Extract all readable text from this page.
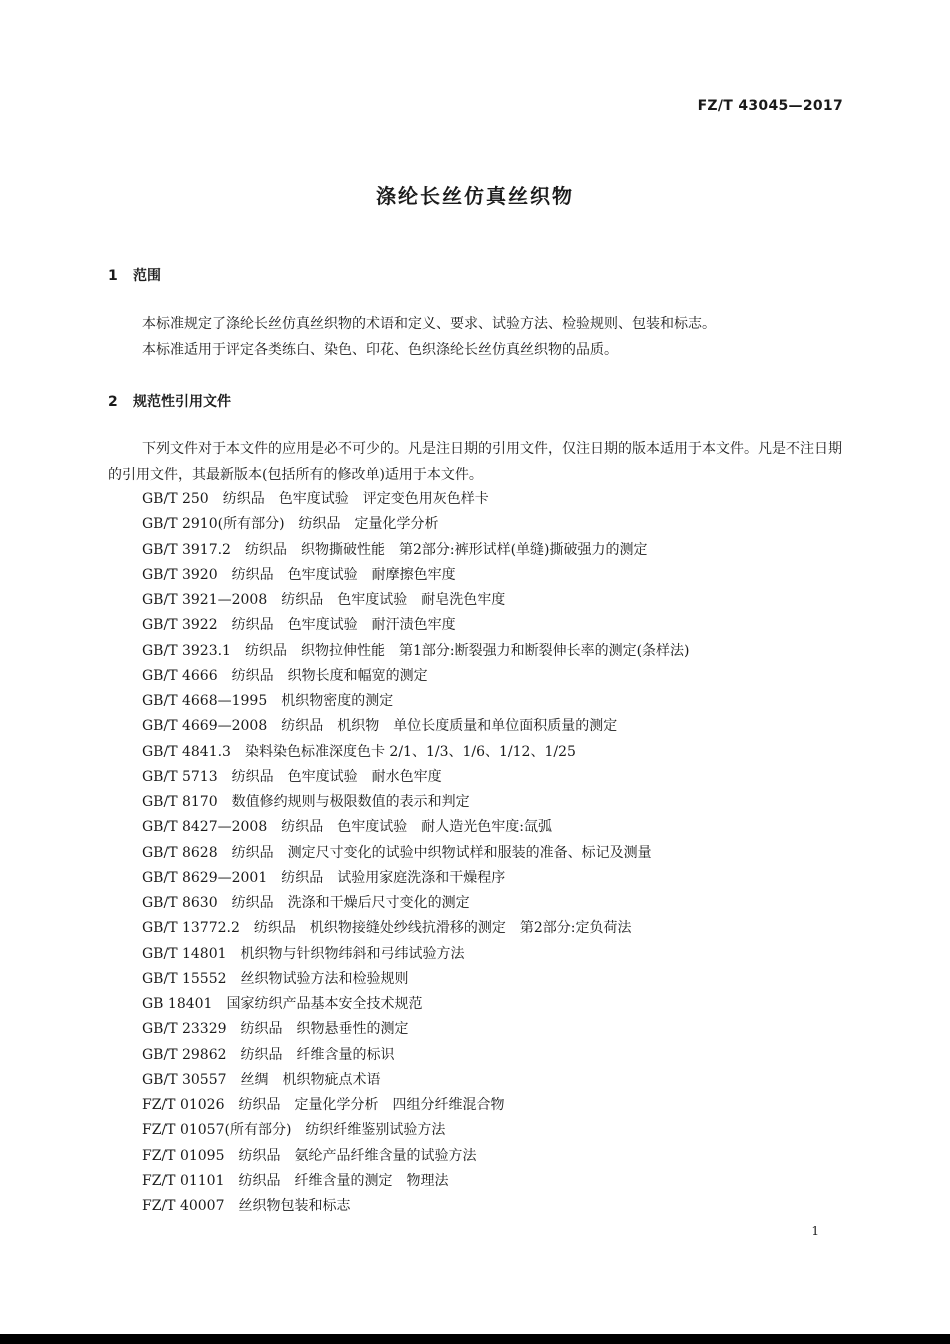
FZ/T 43045—2017
涤纶长丝仿真丝织物
1 范围

本标准规定了涤纶长丝仿真丝织物的术语和定义、要求、试验方法、检验规则、包装和标志。

本标准适用于评定各类练白、染色、印花、色织涤纶长丝仿真丝织物的品质。

2 规范性引用文件

下列文件对于本文件的应用是必不可少的。凡是注日期的引用文件，仅注日期的版本适用于本文件。凡是不注日期的引用文件，其最新版本(包括所有的修改单)适用于本文件。

GB/T 250　纺织品　色牢度试验　评定变色用灰色样卡
GB/T 2910(所有部分)　纺织品　定量化学分析
GB/T 3917.2　纺织品　织物撕破性能　第2部分:裤形试样(单缝)撕破强力的测定
GB/T 3920　纺织品　色牢度试验　耐摩擦色牢度
GB/T 3921—2008　纺织品　色牢度试验　耐皂洗色牢度
GB/T 3922　纺织品　色牢度试验　耐汗渍色牢度
GB/T 3923.1　纺织品　织物拉伸性能　第1部分:断裂强力和断裂伸长率的测定(条样法)
GB/T 4666　纺织品　织物长度和幅宽的测定
GB/T 4668—1995　机织物密度的测定
GB/T 4669—2008　纺织品　机织物　单位长度质量和单位面积质量的测定
GB/T 4841.3　染料染色标准深度色卡 2/1、1/3、1/6、1/12、1/25
GB/T 5713　纺织品　色牢度试验　耐水色牢度
GB/T 8170　数值修约规则与极限数值的表示和判定
GB/T 8427—2008　纺织品　色牢度试验　耐人造光色牢度:氙弧
GB/T 8628　纺织品　测定尺寸变化的试验中织物试样和服装的准备、标记及测量
GB/T 8629—2001　纺织品　试验用家庭洗涤和干燥程序
GB/T 8630　纺织品　洗涤和干燥后尺寸变化的测定
GB/T 13772.2　纺织品　机织物接缝处纱线抗滑移的测定　第2部分:定负荷法
GB/T 14801　机织物与针织物纬斜和弓纬试验方法
GB/T 15552　丝织物试验方法和检验规则
GB 18401　国家纺织产品基本安全技术规范
GB/T 23329　纺织品　织物悬垂性的测定
GB/T 29862　纺织品　纤维含量的标识
GB/T 30557　丝绸　机织物疵点术语
FZ/T 01026　纺织品　定量化学分析　四组分纤维混合物
FZ/T 01057(所有部分)　纺织纤维鉴别试验方法
FZ/T 01095　纺织品　氨纶产品纤维含量的试验方法
FZ/T 01101　纺织品　纤维含量的测定　物理法
FZ/T 40007　丝织物包装和标志
1
